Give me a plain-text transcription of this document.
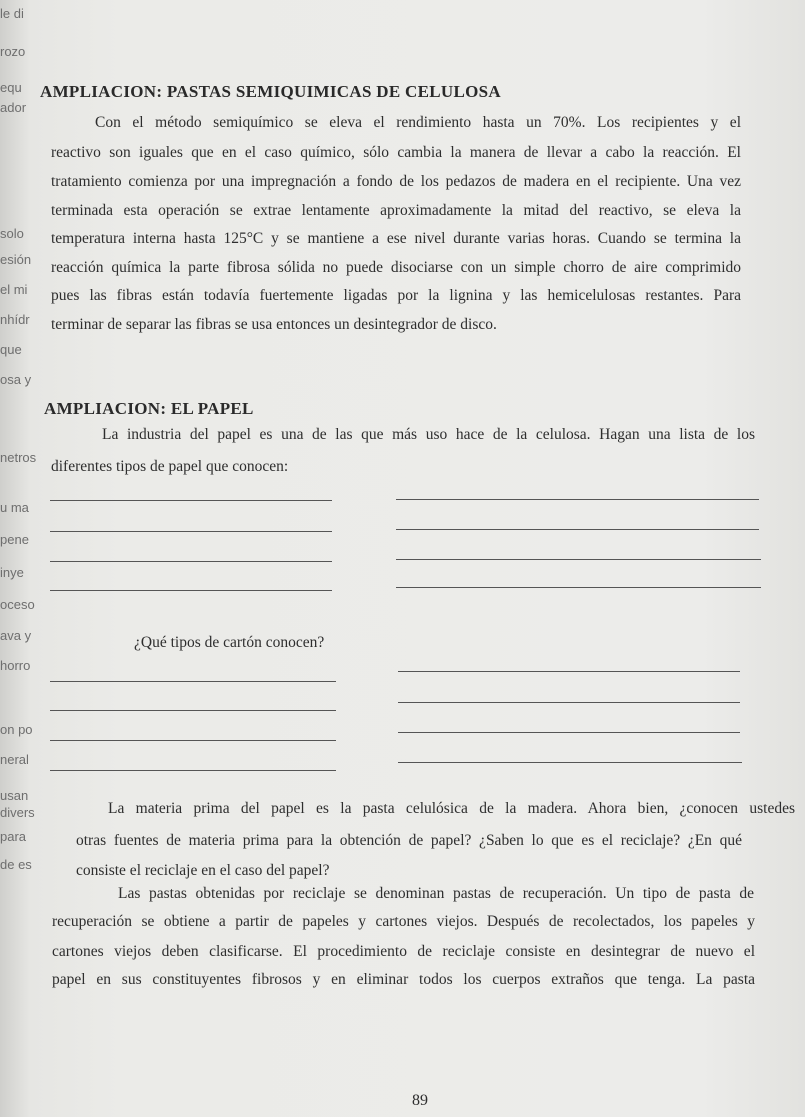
le di
rozo
equ
ador
solo
esión
el mi
nhídr
que
osa y
netros
u ma
pene
inye
oceso
ava y
horro
on po
neral
usan
divers
para
de es
AMPLIACION: PASTAS SEMIQUIMICAS DE CELULOSA
Con el método semiquímico se eleva el rendimiento hasta un 70%. Los recipientes y el
reactivo son iguales que en el caso químico, sólo cambia la manera de llevar a cabo la reacción. El
tratamiento comienza por una impregnación a fondo de los pedazos de madera en el recipiente. Una vez
terminada esta operación se extrae lentamente aproximadamente la mitad del reactivo, se eleva la
temperatura interna hasta 125°C y se mantiene a ese nivel durante varias horas. Cuando se termina la
reacción química la parte fibrosa sólida no puede disociarse con un simple chorro de aire comprimido
pues las fibras están todavía fuertemente ligadas por la lignina y las hemicelulosas restantes. Para
terminar de separar las fibras se usa entonces un desintegrador de disco.
AMPLIACION: EL PAPEL
La industria del papel es una de las que más uso hace de la celulosa. Hagan una lista de los
diferentes tipos de papel que conocen:
¿Qué tipos de cartón conocen?
La materia prima del papel es la pasta celulósica de la madera. Ahora bien, ¿conocen ustedes
otras fuentes de materia prima para la obtención de papel? ¿Saben lo que es el reciclaje? ¿En qué
consiste el reciclaje en el caso del papel?
Las pastas obtenidas por reciclaje se denominan pastas de recuperación. Un tipo de pasta de
recuperación se obtiene a partir de papeles y cartones viejos. Después de recolectados, los papeles y
cartones viejos deben clasificarse. El procedimiento de reciclaje consiste en desintegrar de nuevo el
papel en sus constituyentes fibrosos y en eliminar todos los cuerpos extraños que tenga. La pasta
89
